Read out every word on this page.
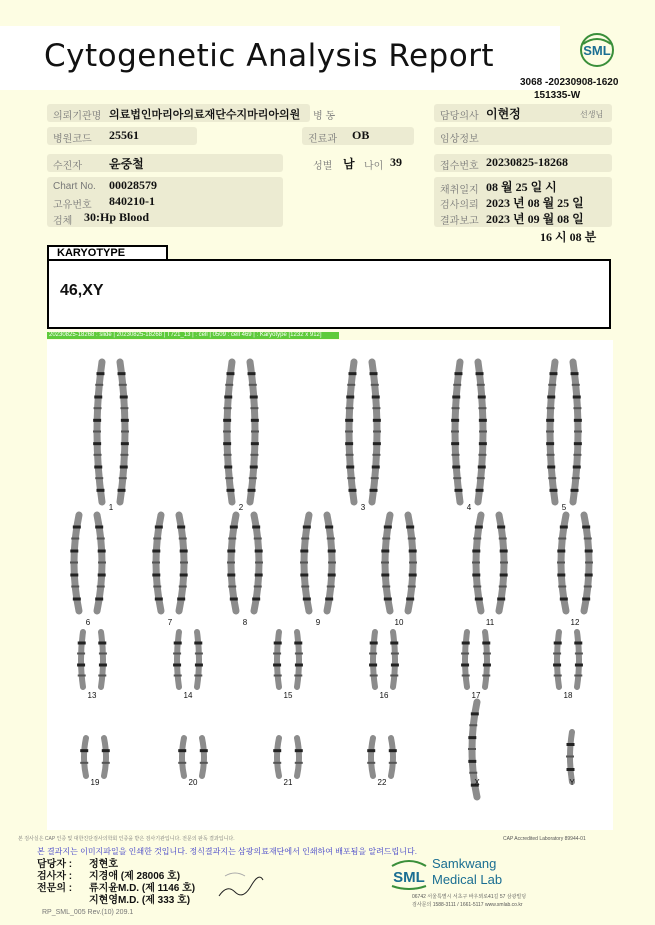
Cytogenetic Analysis Report	SML
3068 -20230908-1620
151335-W
의뢰기관명 의료법인마리아의료재단수지마리아의원 병 동	담당의사 이현정	선생님
병원코드 25561	진료과 OB	임상정보
수진자 윤중철	성별 남 나이 39	접수번호 20230825-18268
Chart No. 00028579
고유번호 840210-1
검체 30:Hp Blood
채취일지 08 월 25 일 시
검사의뢰 2023 년 08 월 25 일
결과보고 2023 년 09 월 08 일
16 시 08 분
KARYOTYPE
46,XY
20230825-18268 : slide | 20230825-18268 | T721_13 | : cell | 0509 : cell 469 | : Karyotype [1232 x 912]
1	2	3	4	5
6	7	8	9	10	11	12
13	14	15	16	17	18
19	20	21	22	X	Y
본 검사실은 CAP 인증 및 대한진단검사의학회 인증을 받은 검사기관입니다. 전문의 판독 결과입니다.	CAP Accredited Laboratory 89944-01
본 결과지는 이미지파일을 인쇄한 것입니다. 정식결과지는 삼광의료재단에서 인쇄하여 배포됨을 알려드립니다.
담당자 : 정현호
검사자 : 지경애 (제 28006 호)
전문의 : 류지윤M.D. (제 1146 호)
지현영M.D. (제 333 호)
SML
Samkwang
Medical Lab
06742 서울특별시 서초구 바우뫼로41길 57 삼광빌딩
검사문의 1588-3111 / 1661-5117 www.smlab.co.kr
RP_SML_005 Rev.(10) 209.1
